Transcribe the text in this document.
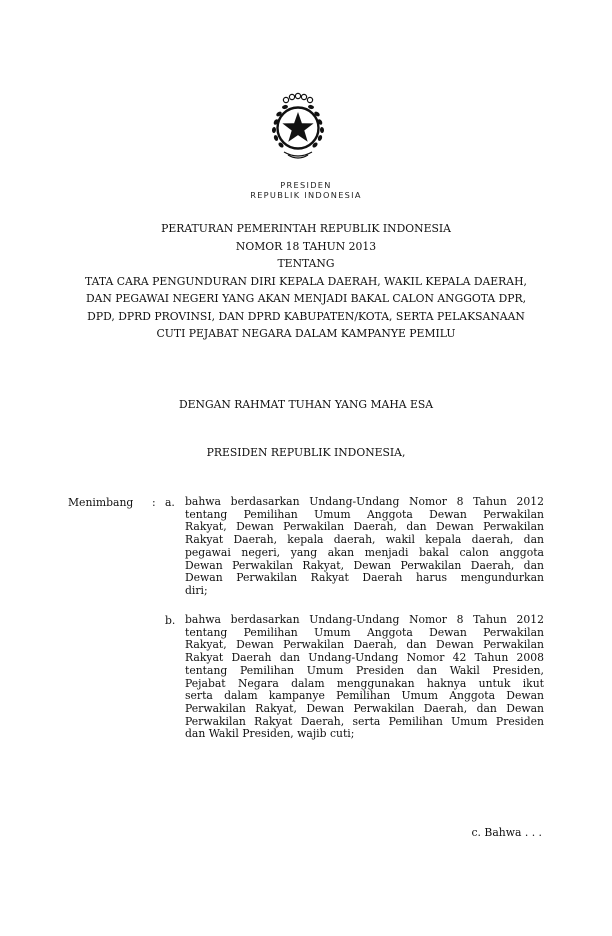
PRESIDEN
REPUBLIK INDONESIA
PERATURAN PEMERINTAH REPUBLIK INDONESIA
NOMOR 18 TAHUN 2013
TENTANG
TATA CARA PENGUNDURAN DIRI KEPALA DAERAH, WAKIL KEPALA DAERAH,
DAN PEGAWAI NEGERI YANG AKAN MENJADI BAKAL CALON ANGGOTA DPR,
DPD, DPRD PROVINSI, DAN DPRD KABUPATEN/KOTA, SERTA PELAKSANAAN
CUTI PEJABAT NEGARA DALAM KAMPANYE PEMILU
DENGAN RAHMAT TUHAN YANG MAHA ESA
PRESIDEN REPUBLIK INDONESIA,
Menimbang : a. bahwa berdasarkan Undang-Undang Nomor 8 Tahun 2012
tentang Pemilihan Umum Anggota Dewan Perwakilan
Rakyat, Dewan Perwakilan Daerah, dan Dewan Perwakilan
Rakyat Daerah, kepala daerah, wakil kepala daerah, dan
pegawai negeri, yang akan menjadi bakal calon anggota
Dewan Perwakilan Rakyat, Dewan Perwakilan Daerah, dan
Dewan Perwakilan Rakyat Daerah harus mengundurkan
diri;
b. bahwa berdasarkan Undang-Undang Nomor 8 Tahun 2012
tentang Pemilihan Umum Anggota Dewan Perwakilan
Rakyat, Dewan Perwakilan Daerah, dan Dewan Perwakilan
Rakyat Daerah dan Undang-Undang Nomor 42 Tahun 2008
tentang Pemilihan Umum Presiden dan Wakil Presiden,
Pejabat Negara dalam menggunakan haknya untuk ikut
serta dalam kampanye Pemilihan Umum Anggota Dewan
Perwakilan Rakyat, Dewan Perwakilan Daerah, dan Dewan
Perwakilan Rakyat Daerah, serta Pemilihan Umum Presiden
dan Wakil Presiden, wajib cuti;
c. Bahwa . . .
